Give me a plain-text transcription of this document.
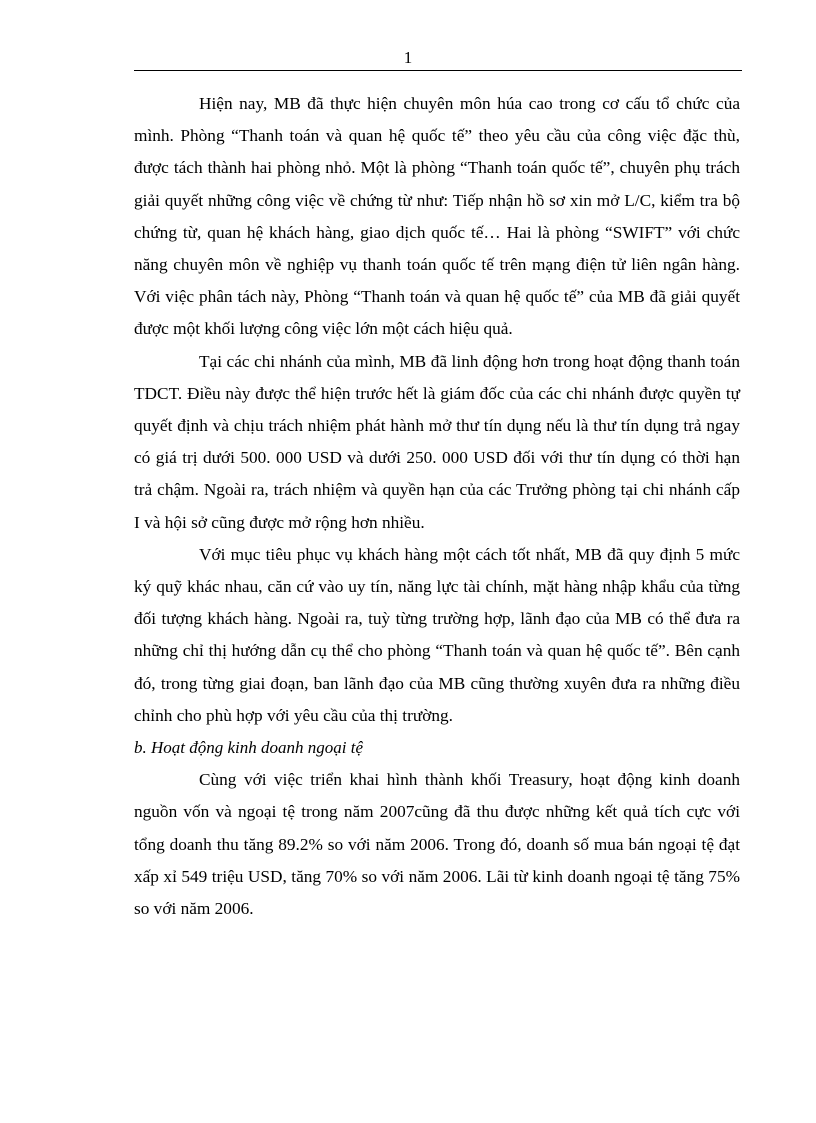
1

Hiện nay, MB đã thực hiện chuyên môn húa cao trong cơ cấu tổ chức của mình. Phòng “Thanh toán và quan hệ quốc tế” theo yêu cầu của công việc đặc thù, được tách thành hai phòng nhỏ. Một là phòng “Thanh toán quốc tế”, chuyên phụ trách giải quyết những công việc về chứng từ như: Tiếp nhận hồ sơ xin mở L/C, kiểm tra bộ chứng từ, quan hệ khách hàng, giao dịch quốc tế… Hai là phòng “SWIFT” với chức năng chuyên môn về nghiệp vụ thanh toán quốc tế trên mạng điện tử liên ngân hàng. Với việc phân tách này, Phòng “Thanh toán và quan hệ quốc tế” của MB đã giải quyết được một khối lượng công việc lớn một cách hiệu quả.

Tại các chi nhánh của mình, MB đã linh động hơn trong hoạt động thanh toán TDCT. Điều này được thể hiện trước hết là giám đốc của các chi nhánh được quyền tự quyết định và chịu trách nhiệm phát hành mở thư tín dụng nếu là thư tín dụng trả ngay có giá trị dưới 500. 000 USD và dưới 250. 000 USD đối với thư tín dụng có thời hạn trả chậm. Ngoài ra, trách nhiệm và quyền hạn của các Trưởng phòng tại chi nhánh cấp I và hội sở cũng được mở rộng hơn nhiều.

Với mục tiêu phục vụ khách hàng một cách tốt nhất, MB đã quy định 5 mức ký quỹ khác nhau, căn cứ vào uy tín, năng lực tài chính, mặt hàng nhập khẩu của từng đối tượng khách hàng. Ngoài ra, tuỳ từng trường hợp, lãnh đạo của MB có thể đưa ra những chỉ thị hướng dẫn cụ thể cho phòng “Thanh toán và quan hệ quốc tế”. Bên cạnh đó, trong từng giai đoạn, ban lãnh đạo của MB cũng thường xuyên đưa ra những điều chỉnh cho phù hợp với yêu cầu của thị trường.

b. Hoạt động kinh doanh ngoại tệ

Cùng với việc triển khai hình thành khối Treasury, hoạt động kinh doanh nguồn vốn và ngoại tệ trong năm 2007cũng đã thu được những kết quả tích cực với tổng doanh thu tăng 89.2% so với năm 2006. Trong đó, doanh số mua bán ngoại tệ đạt xấp xỉ 549 triệu USD, tăng 70% so với năm 2006. Lãi từ kinh doanh ngoại tệ tăng 75% so với năm 2006.
